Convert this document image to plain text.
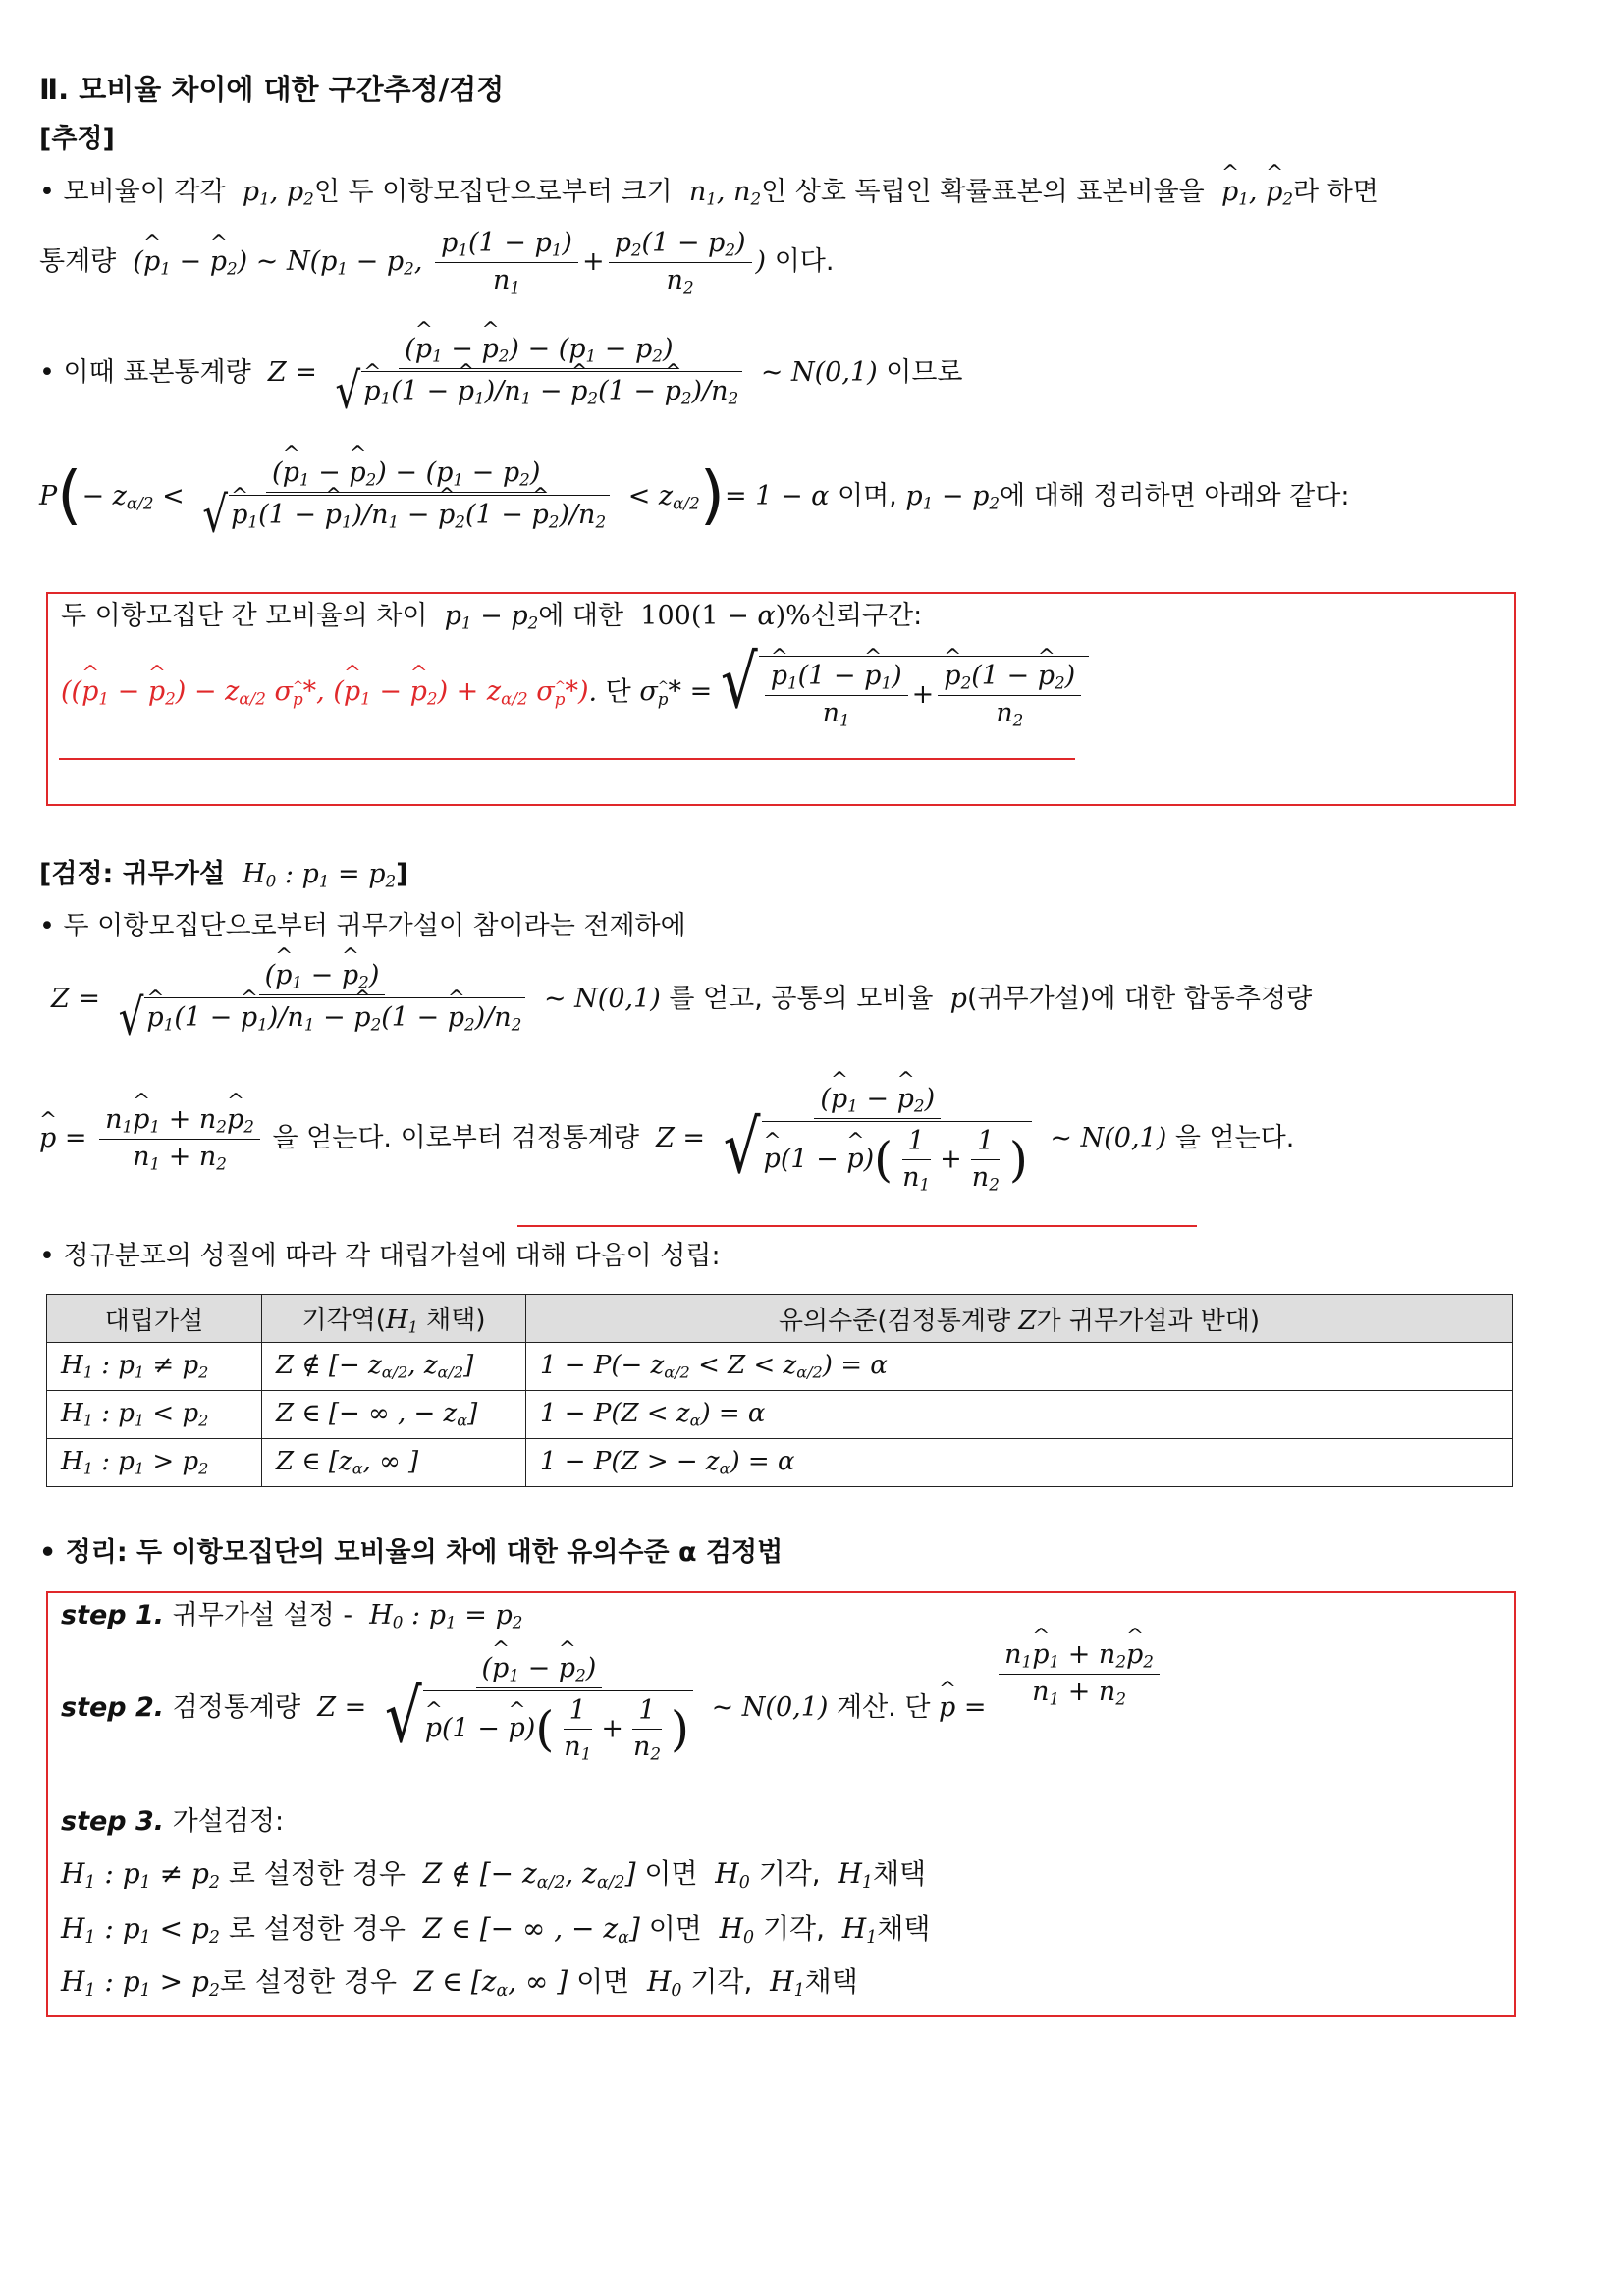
Ⅱ. 모비율 차이에 대한 구간추정/검정
[추정]
• 모비율이 각각  $p_1$, $p_2$인 두 이항모집단으로부터 크기  $n_1$, $n_2$인 상호 독립인 확률표본의 표본비율을 ^ $p_1$, ^ $p_2$라 하면
통계량  (^ $p_1$ − ^ $p_2$) ~ $N(p_1 - p_2$, $\frac{p_1(1 - p_1)}{n_1} + \frac{p_2(1 - p_2)}{n_2}$ ) 이다.
• 이때 표본통계량  $Z = \frac{(\^{} p_1 - \^{} p_2) - (p_1 - p_2)}{√ \^{} p_1(1 - \^{} p_1)/n_1 - \^{} p_2(1 - \^{} p_2)/n_2}$ ~ N(0,1) 이므로
$P(- z_{\alpha/2} < \frac{(\^{} p_1 - \^{} p_2) - (p_1 - p_2)}{√ \^{} p_1(1 - \^{} p_1)/n_1 - \^{} p_2(1 - \^{} p_2)/n_2} < z_{\alpha/2})= 1 - \alpha$ 이며, $p_1 - p_2$에 대해 정리하면 아래와 같다:
두 이항모집단 간 모비율의 차이  $p_1 - p_2$에 대한  100(1 − α)%신뢰구간:
((^ $p_1$ − ^ $p_2) - z_{\alpha/2}$ σ^ $_p$*, (^ $p_1$ − ^ $p_2) + z_{\alpha/2}$ σ^ $_p$*). 단 σ^ $_p$* = √ ^ $\frac{p_1(1 - \^{} p_1)}{n_1}$ + ^ $\frac{p_2(1 - \^{} p_2)}{n_2}$
[검정: 귀무가설  $H_0$ : $p_1 = p_2$]
• 두 이항모집단으로부터 귀무가설이 참이라는 전제하에
$Z = \frac{(\^{} p_1 - \^{} p_2)}{√ \^{} p_1(1 - \^{} p_1)/n_1 - \^{} p_2(1 - \^{} p_2)/n_2}$ ~ N(0,1) 를 얻고, 공통의 모비율  p(귀무가설)에 대한 합동추정량
^ $p = \frac{n_1\^{} p_1 + n_2\^{} p_2}{n_1 + n_2}$ 을 얻는다. 이로부터 검정통계량  $Z = \frac{(\^{} p_1 - \^{} p_2)}{√ \^{} p(1 - \^{} p)( \frac{1}{n_1} + \frac{1}{n_2} )}$ ~ N(0,1) 을 얻는다.
• 정규분포의 성질에 따라 각 대립가설에 대해 다음이 성립:
대립가설	기각역($H_1$ 채택)	유의수준(검정통계량 Z가 귀무가설과 반대)
$H_1$ : $p_1 \ne p_2$	Z ∉ [− $z_{\alpha/2}$, $z_{\alpha/2}$]	$1 - P(- z_{\alpha/2} < Z < z_{\alpha/2}) = \alpha$
$H_1$ : $p_1 < p_2$	Z ∈ [− ∞ , − $z_\alpha$]	$1 - P(Z < z_\alpha) = \alpha$
$H_1$ : $p_1 > p_2$	Z ∈ [$z_\alpha$, ∞ ]	1 − P(Z > − $z_\alpha) = \alpha$
• 정리: 두 이항모집단의 모비율의 차에 대한 유의수준 α 검정법
step 1. 귀무가설 설정 -  $H_0$ : $p_1 = p_2$
step 2. 검정통계량  $Z = \frac{(\^{} p_1 - \^{} p_2)}{√ \^{} p(1 - \^{} p)( \frac{1}{n_1} + \frac{1}{n_2} )}$ ~ N(0,1) 계산. 단 ^ $p = \frac{n_1\^{} p_1 + n_2\^{} p_2}{n_1 + n_2}$
step 3. 가설검정:
$H_1$ : $p_1 \ne p_2$ 로 설정한 경우  Z ∉ [− $z_{\alpha/2}$, $z_{\alpha/2}$] 이면  $H_0$ 기각,  $H_1$채택
$H_1$ : $p_1 < p_2$ 로 설정한 경우  Z ∈ [− ∞ , − $z_\alpha$] 이면  $H_0$ 기각,  $H_1$채택
$H_1$ : $p_1 > p_2$로 설정한 경우  Z ∈ [$z_\alpha$, ∞ ] 이면  $H_0$ 기각,  $H_1$채택
